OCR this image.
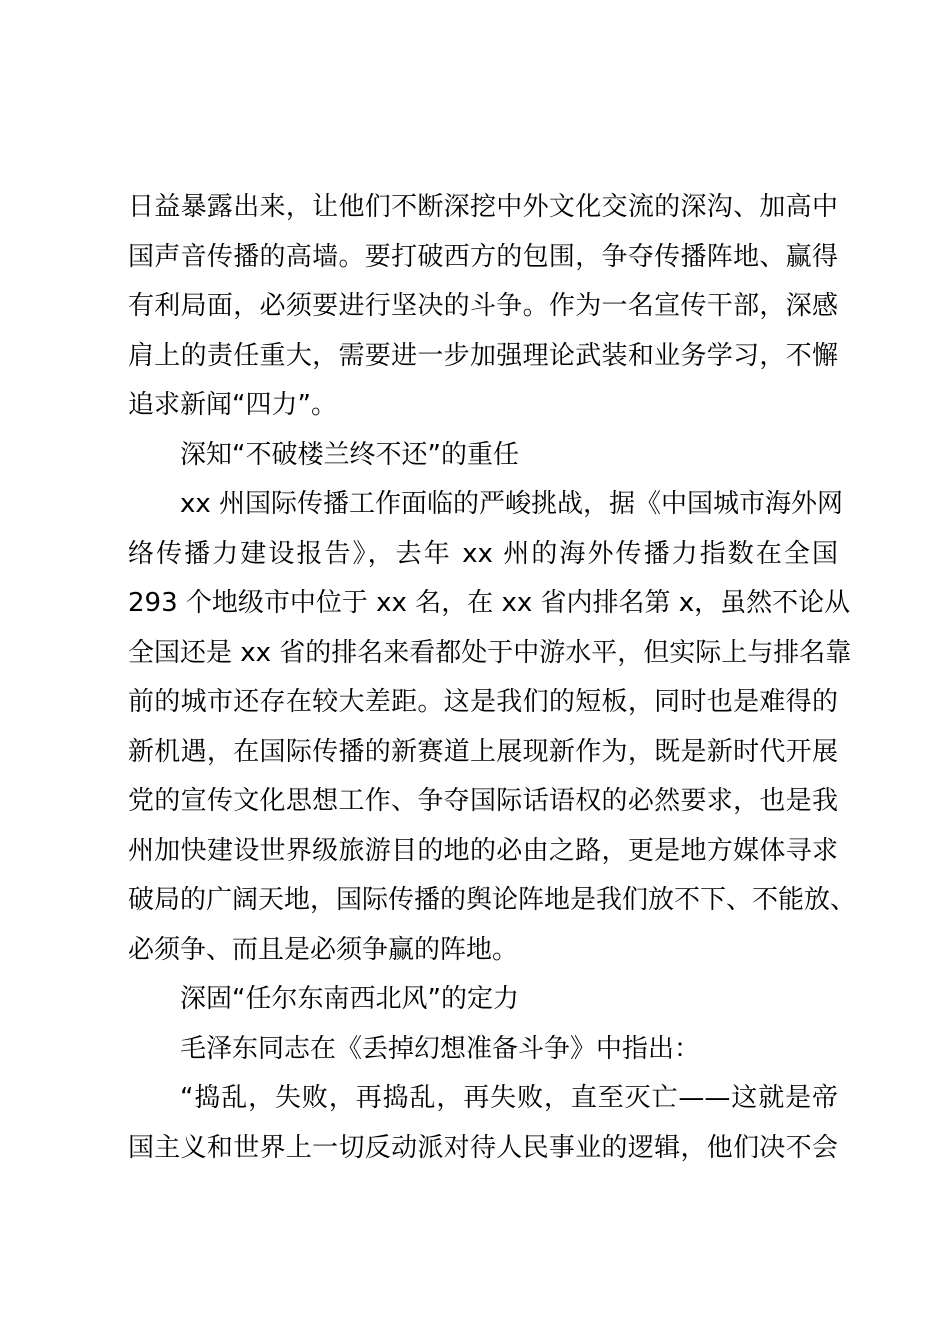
日益暴露出来，让他们不断深挖中外文化交流的深沟、加高中
国声音传播的高墙。要打破西方的包围，争夺传播阵地、赢得
有利局面，必须要进行坚决的斗争。作为一名宣传干部，深感
肩上的责任重大，需要进一步加强理论武装和业务学习，不懈
追求新闻“四力”。
深知“不破楼兰终不还”的重任
xx 州国际传播工作面临的严峻挑战，据《中国城市海外网
络传播力建设报告》，去年 xx 州的海外传播力指数在全国
293 个地级市中位于 xx 名，在 xx 省内排名第 x，虽然不论从
全国还是 xx 省的排名来看都处于中游水平，但实际上与排名靠
前的城市还存在较大差距。这是我们的短板，同时也是难得的
新机遇，在国际传播的新赛道上展现新作为，既是新时代开展
党的宣传文化思想工作、争夺国际话语权的必然要求，也是我
州加快建设世界级旅游目的地的必由之路，更是地方媒体寻求
破局的广阔天地，国际传播的舆论阵地是我们放不下、不能放、
必须争、而且是必须争赢的阵地。
深固“任尔东南西北风”的定力
毛泽东同志在《丢掉幻想准备斗争》中指出：
“捣乱，失败，再捣乱，再失败，直至灭亡——这就是帝
国主义和世界上一切反动派对待人民事业的逻辑，他们决不会
